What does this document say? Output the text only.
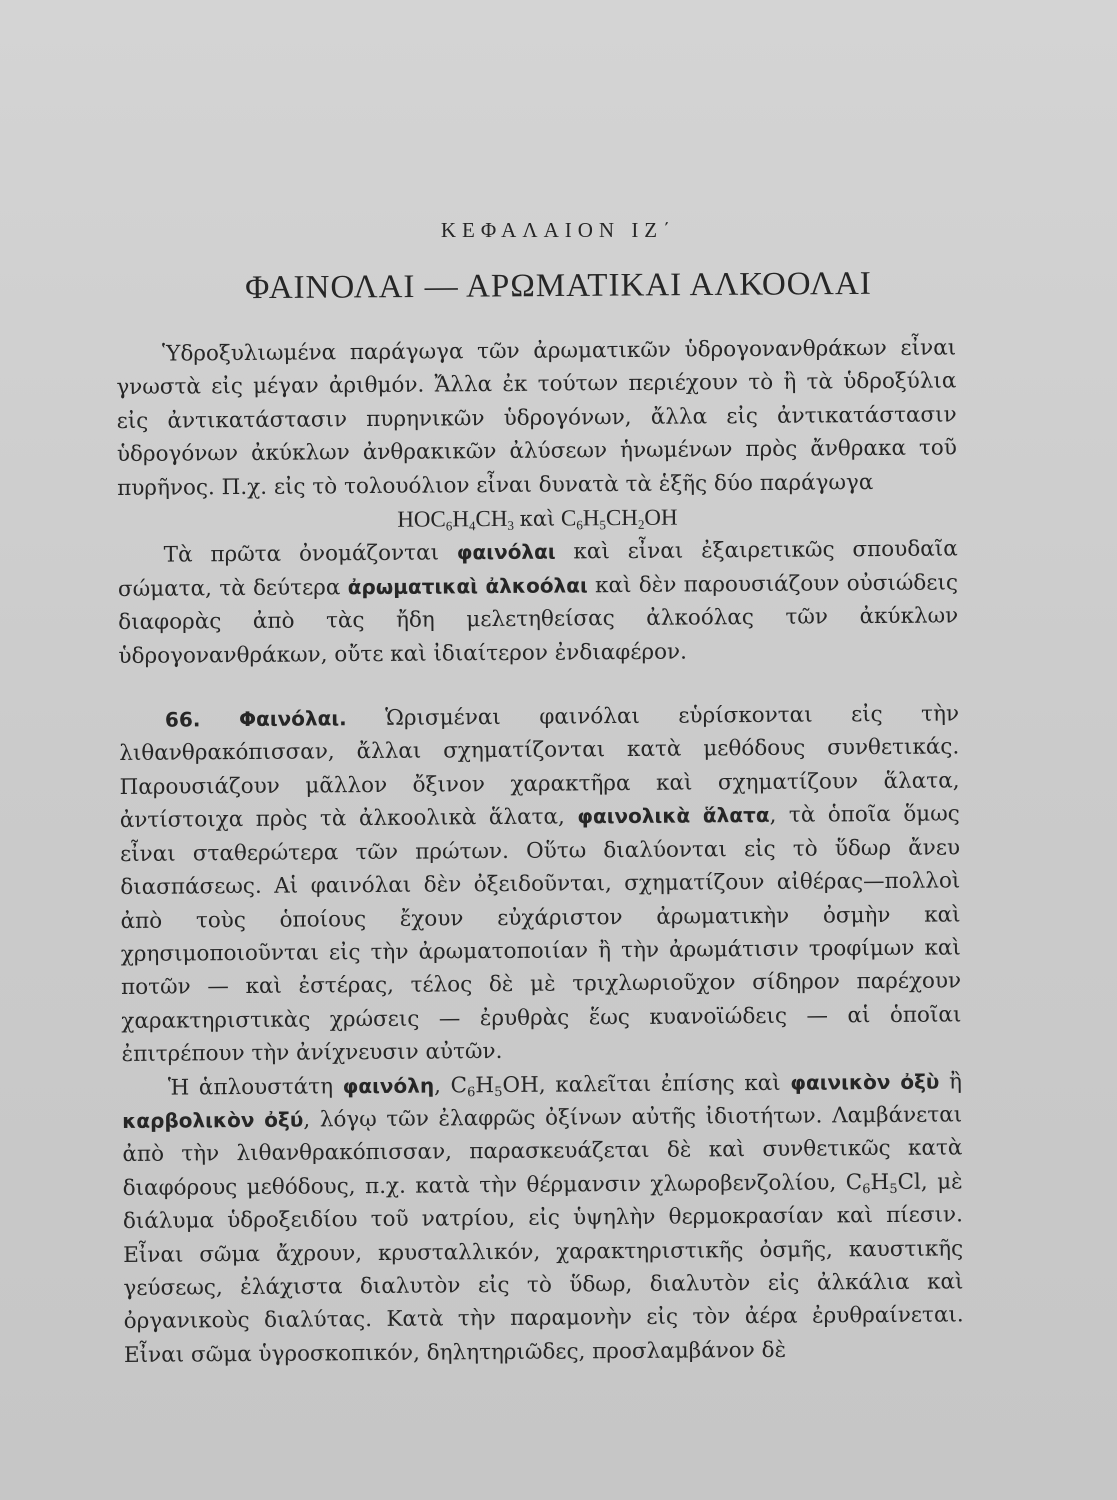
ΚΕΦΑΛΑΙΟΝ ΙΖ΄
ΦΑΙΝΟΛΑΙ — ΑΡΩΜΑΤΙΚΑΙ ΑΛΚΟΟΛΑΙ

Ὑδροξυλιωμένα παράγωγα τῶν ἀρωματικῶν ὑδρογονανθράκων εἶναι γνωστὰ εἰς μέγαν ἀριθμόν. Ἄλλα ἐκ τούτων περιέχουν τὸ ἢ τὰ ὑδροξύλια εἰς ἀντικατάστασιν πυρηνικῶν ὑδρογόνων, ἄλλα εἰς ἀντικατάστασιν ὑδρογόνων ἀκύκλων ἀνθρακικῶν ἀλύσεων ἡνωμένων πρὸς ἄνθρακα τοῦ πυρῆνος. Π.χ. εἰς τὸ τολουόλιον εἶναι δυνατὰ τὰ ἑξῆς δύο παράγωγα

$HOC_6H_4CH_3$ καὶ $C_6H_5CH_2OH$

Τὰ πρῶτα ὀνομάζονται φαινόλαι καὶ εἶναι ἐξαιρετικῶς σπουδαῖα σώματα, τὰ δεύτερα ἀρωματικαὶ ἀλκοόλαι καὶ δὲν παρουσιάζουν οὐσιώδεις διαφορὰς ἀπὸ τὰς ἤδη μελετηθείσας ἀλκοόλας τῶν ἀκύκλων ὑδρογονανθράκων, οὔτε καὶ ἰδιαίτερον ἐνδιαφέρον.

66. Φαινόλαι. Ὡρισμέναι φαινόλαι εὑρίσκονται εἰς τὴν λιθανθρακόπισσαν, ἄλλαι σχηματίζονται κατὰ μεθόδους συνθετικάς. Παρουσιάζουν μᾶλλον ὄξινον χαρακτῆρα καὶ σχηματίζουν ἅλατα, ἀντίστοιχα πρὸς τὰ ἀλκοολικὰ ἅλατα, φαινολικὰ ἅλατα, τὰ ὁποῖα ὅμως εἶναι σταθερώτερα τῶν πρώτων. Οὕτω διαλύονται εἰς τὸ ὕδωρ ἄνευ διασπάσεως. Αἱ φαινόλαι δὲν ὀξειδοῦνται, σχηματίζουν αἰθέρας—πολλοὶ ἀπὸ τοὺς ὁποίους ἔχουν εὐχάριστον ἀρωματικὴν ὀσμὴν καὶ χρησιμοποιοῦνται εἰς τὴν ἀρωματοποιίαν ἢ τὴν ἀρωμάτισιν τροφίμων καὶ ποτῶν — καὶ ἐστέρας, τέλος δὲ μὲ τριχλωριοῦχον σίδηρον παρέχουν χαρακτηριστικὰς χρώσεις — ἐρυθρὰς ἕως κυανοϊώδεις — αἱ ὁποῖαι ἐπιτρέπουν τὴν ἀνίχνευσιν αὐτῶν.

Ἡ ἁπλουστάτη φαινόλη, $C_6H_5OH$, καλεῖται ἐπίσης καὶ φαινικὸν ὀξὺ ἢ καρβολικὸν ὀξύ, λόγῳ τῶν ἐλαφρῶς ὀξίνων αὐτῆς ἰδιοτήτων. Λαμβάνεται ἀπὸ τὴν λιθανθρακόπισσαν, παρασκευάζεται δὲ καὶ συνθετικῶς κατὰ διαφόρους μεθόδους, π.χ. κατὰ τὴν θέρμανσιν χλωροβενζολίου, $C_6H_5Cl$, μὲ διάλυμα ὑδροξειδίου τοῦ νατρίου, εἰς ὑψηλὴν θερμοκρασίαν καὶ πίεσιν. Εἶναι σῶμα ἄχρουν, κρυσταλλικόν, χαρακτηριστικῆς ὀσμῆς, καυστικῆς γεύσεως, ἐλάχιστα διαλυτὸν εἰς τὸ ὕδωρ, διαλυτὸν εἰς ἀλκάλια καὶ ὀργανικοὺς διαλύτας. Κατὰ τὴν παραμονὴν εἰς τὸν ἀέρα ἐρυθραίνεται. Εἶναι σῶμα ὑγροσκοπικόν, δηλητηριῶδες, προσλαμβάνον δὲ
